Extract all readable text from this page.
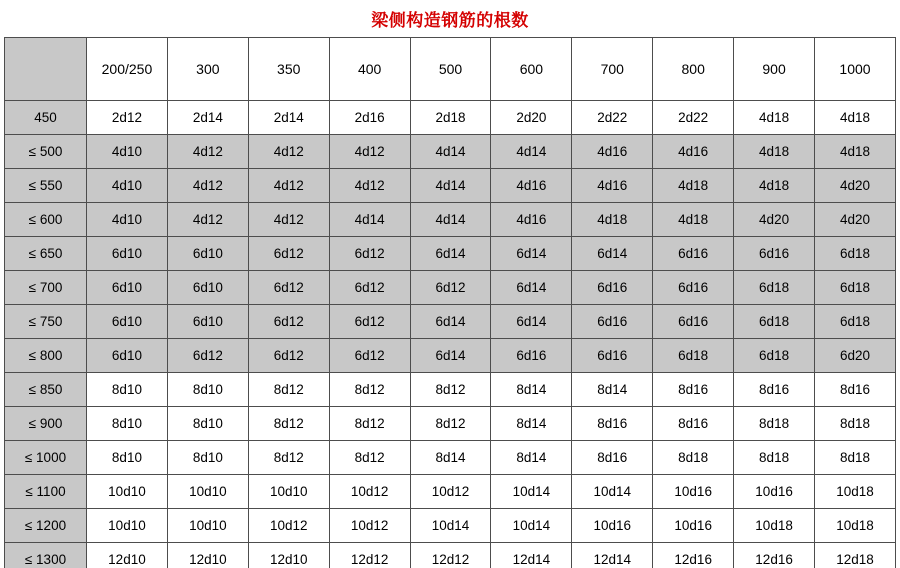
梁侧构造钢筋的根数
	200/250	300	350	400	500	600	700	800	900	1000
450	2d12	2d14	2d14	2d16	2d18	2d20	2d22	2d22	4d18	4d18
≤ 500	4d10	4d12	4d12	4d12	4d14	4d14	4d16	4d16	4d18	4d18
≤ 550	4d10	4d12	4d12	4d12	4d14	4d16	4d16	4d18	4d18	4d20
≤ 600	4d10	4d12	4d12	4d14	4d14	4d16	4d18	4d18	4d20	4d20
≤ 650	6d10	6d10	6d12	6d12	6d14	6d14	6d14	6d16	6d16	6d18
≤ 700	6d10	6d10	6d12	6d12	6d12	6d14	6d16	6d16	6d18	6d18
≤ 750	6d10	6d10	6d12	6d12	6d14	6d14	6d16	6d16	6d18	6d18
≤ 800	6d10	6d12	6d12	6d12	6d14	6d16	6d16	6d18	6d18	6d20
≤ 850	8d10	8d10	8d12	8d12	8d12	8d14	8d14	8d16	8d16	8d16
≤ 900	8d10	8d10	8d12	8d12	8d12	8d14	8d16	8d16	8d18	8d18
≤ 1000	8d10	8d10	8d12	8d12	8d14	8d14	8d16	8d18	8d18	8d18
≤ 1100	10d10	10d10	10d10	10d12	10d12	10d14	10d14	10d16	10d16	10d18
≤ 1200	10d10	10d10	10d12	10d12	10d14	10d14	10d16	10d16	10d18	10d18
≤ 1300	12d10	12d10	12d10	12d12	12d12	12d14	12d14	12d16	12d16	12d18
